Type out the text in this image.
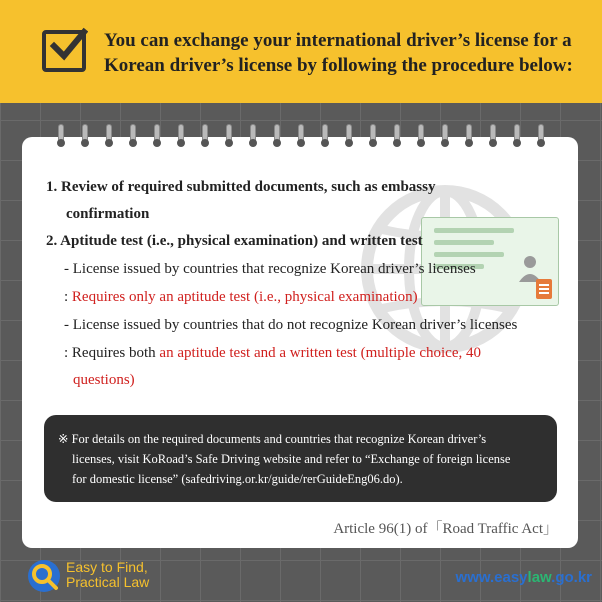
You can exchange your international driver’s license for a
Korean driver’s license by following the procedure below:
1. Review of required submitted documents, such as embassy
confirmation
2. Aptitude test (i.e., physical examination) and written test
- License issued by countries that recognize Korean driver’s licenses
: Requires only an aptitude test (i.e., physical examination)
- License issued by countries that do not recognize Korean driver’s licenses
: Requires both an aptitude test and a written test (multiple choice, 40
questions)
※ For details on the required documents and countries that recognize Korean driver’s
licenses, visit KoRoad’s Safe Driving website and refer to “Exchange of foreign license
for domestic license” (safedriving.or.kr/guide/rerGuideEng06.do).
Article 96(1) of「Road Traffic Act」
Easy to Find,
Practical Law	www.easylaw.go.kr
